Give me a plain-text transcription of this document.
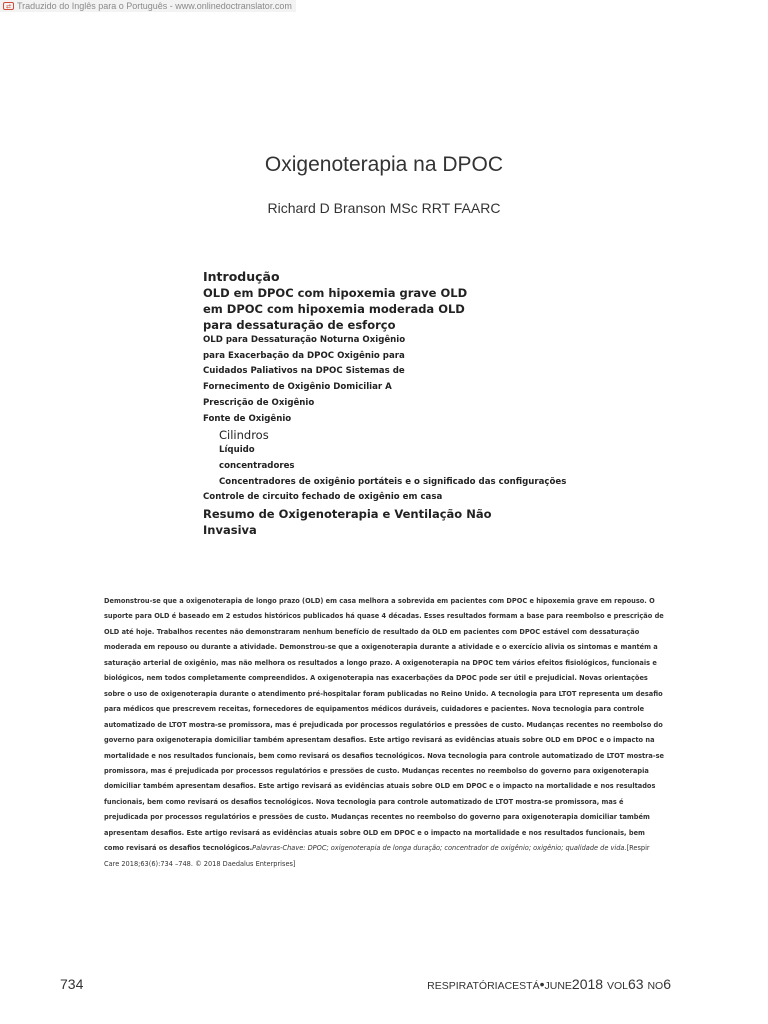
⇄ Traduzido do Inglês para o Português - www.onlinedoctranslator.com
Oxigenoterapia na DPOC
Richard D Branson MSc RRT FAARC
Introdução
OLD em DPOC com hipoxemia grave OLD
em DPOC com hipoxemia moderada OLD
para dessaturação de esforço
OLD para Dessaturação Noturna Oxigênio
para Exacerbação da DPOC Oxigênio para
Cuidados Paliativos na DPOC Sistemas de
Fornecimento de Oxigênio Domiciliar A
Prescrição de Oxigênio
Fonte de Oxigênio
Cilindros
Líquido
concentradores
Concentradores de oxigênio portáteis e o significado das configurações
Controle de circuito fechado de oxigênio em casa
Resumo de Oxigenoterapia e Ventilação Não
Invasiva
Demonstrou-se que a oxigenoterapia de longo prazo (OLD) em casa melhora a sobrevida em pacientes com DPOC e hipoxemia grave em repouso. O suporte para OLD é baseado em 2 estudos históricos publicados há quase 4 décadas. Esses resultados formam a base para reembolso e prescrição de OLD até hoje. Trabalhos recentes não demonstraram nenhum benefício de resultado da OLD em pacientes com DPOC estável com dessaturação moderada em repouso ou durante a atividade. Demonstrou-se que a oxigenoterapia durante a atividade e o exercício alivia os sintomas e mantém a saturação arterial de oxigênio, mas não melhora os resultados a longo prazo. A oxigenoterapia na DPOC tem vários efeitos fisiológicos, funcionais e biológicos, nem todos completamente compreendidos. A oxigenoterapia nas exacerbações da DPOC pode ser útil e prejudicial. Novas orientações sobre o uso de oxigenoterapia durante o atendimento pré-hospitalar foram publicadas no Reino Unido. A tecnologia para LTOT representa um desafio para médicos que prescrevem receitas, fornecedores de equipamentos médicos duráveis, cuidadores e pacientes. Nova tecnologia para controle automatizado de LTOT mostra-se promissora, mas é prejudicada por processos regulatórios e pressões de custo. Mudanças recentes no reembolso do governo para oxigenoterapia domiciliar também apresentam desafios. Este artigo revisará as evidências atuais sobre OLD em DPOC e o impacto na mortalidade e nos resultados funcionais, bem como revisará os desafios tecnológicos. Nova tecnologia para controle automatizado de LTOT mostra-se promissora, mas é prejudicada por processos regulatórios e pressões de custo. Mudanças recentes no reembolso do governo para oxigenoterapia domiciliar também apresentam desafios. Este artigo revisará as evidências atuais sobre OLD em DPOC e o impacto na mortalidade e nos resultados funcionais, bem como revisará os desafios tecnológicos. Nova tecnologia para controle automatizado de LTOT mostra-se promissora, mas é prejudicada por processos regulatórios e pressões de custo. Mudanças recentes no reembolso do governo para oxigenoterapia domiciliar também apresentam desafios. Este artigo revisará as evidências atuais sobre OLD em DPOC e o impacto na mortalidade e nos resultados funcionais, bem como revisará os desafios tecnológicos.Palavras-Chave: DPOC; oxigenoterapia de longa duração; concentrador de oxigênio; oxigênio; qualidade de vida.[Respir Care 2018;63(6):734 –748. © 2018 Daedalus Enterprises]
734	RESPIRATÓRIACESTÁ•JUNE2018 VOL63 NO6
